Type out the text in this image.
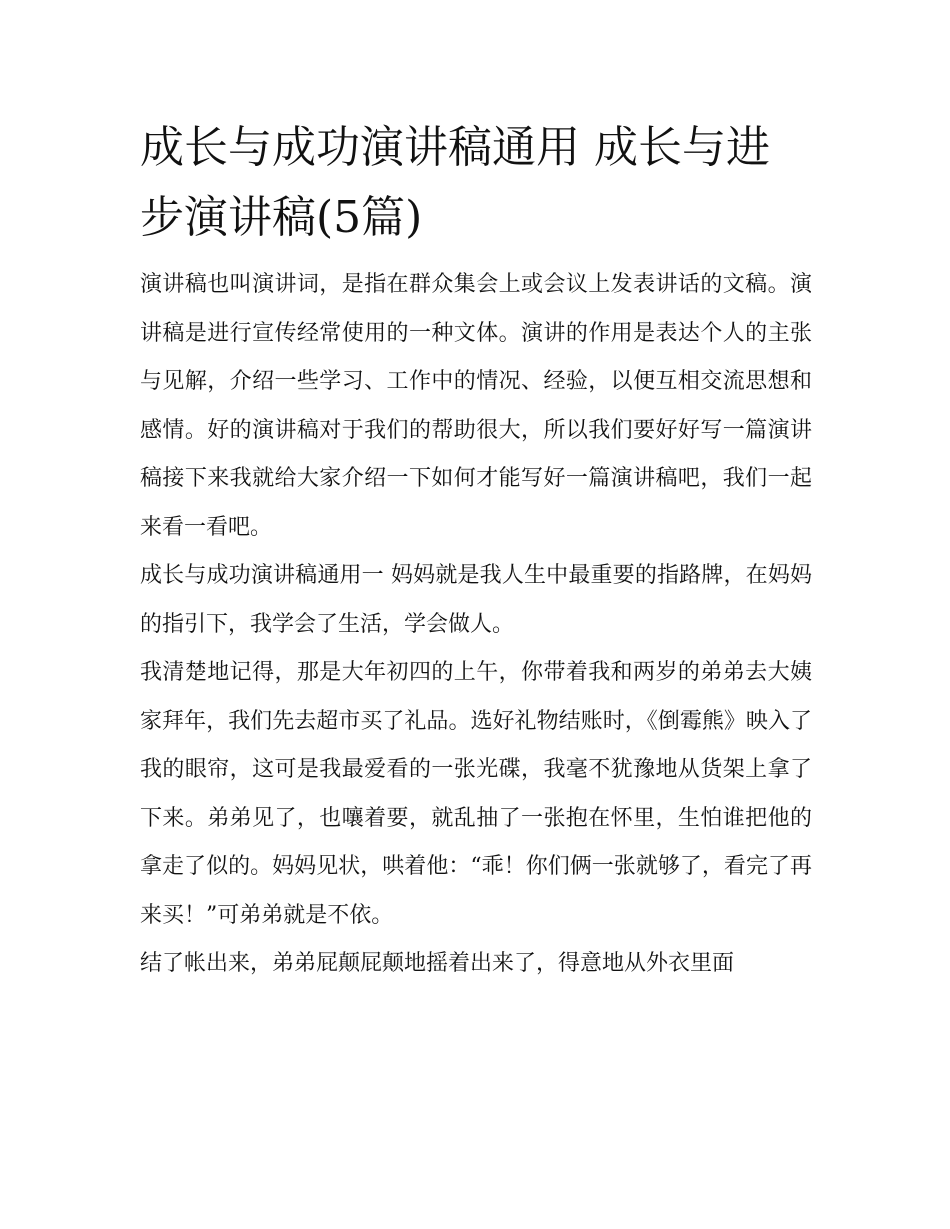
成长与成功演讲稿通用 成长与进步演讲稿(5篇)

演讲稿也叫演讲词，是指在群众集会上或会议上发表讲话的文稿。演讲稿是进行宣传经常使用的一种文体。演讲的作用是表达个人的主张与见解，介绍一些学习、工作中的情况、经验，以便互相交流思想和感情。好的演讲稿对于我们的帮助很大，所以我们要好好写一篇演讲稿接下来我就给大家介绍一下如何才能写好一篇演讲稿吧，我们一起来看一看吧。

成长与成功演讲稿通用一 妈妈就是我人生中最重要的指路牌，在妈妈的指引下，我学会了生活，学会做人。

我清楚地记得，那是大年初四的上午，你带着我和两岁的弟弟去大姨家拜年，我们先去超市买了礼品。选好礼物结账时，《倒霉熊》映入了我的眼帘，这可是我最爱看的一张光碟，我毫不犹豫地从货架上拿了下来。弟弟见了，也嚷着要，就乱抽了一张抱在怀里，生怕谁把他的拿走了似的。妈妈见状，哄着他：“乖！你们俩一张就够了，看完了再来买！”可弟弟就是不依。

结了帐出来，弟弟屁颠屁颠地摇着出来了，得意地从外衣里面
